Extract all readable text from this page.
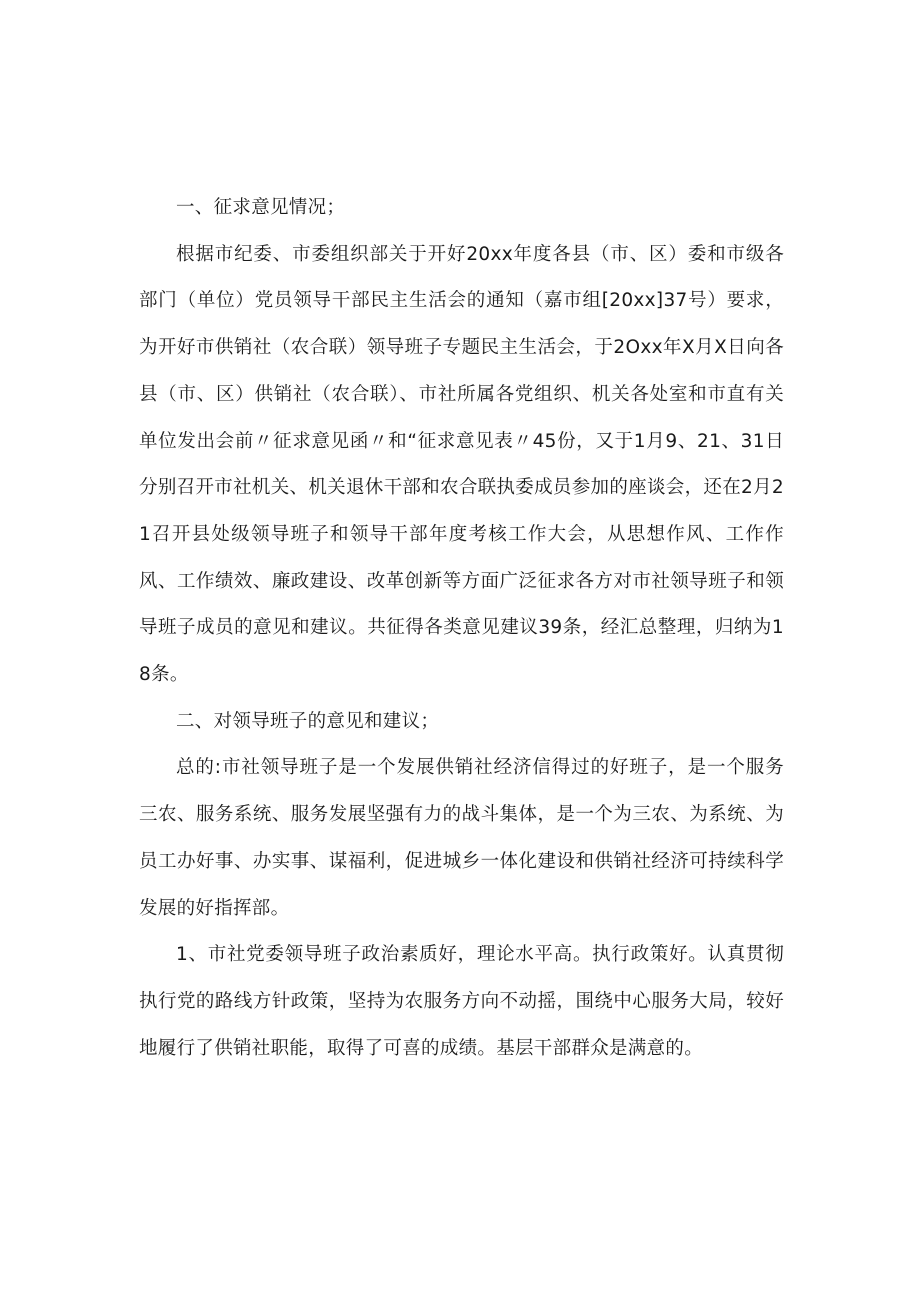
一、征求意见情况；

根据市纪委、市委组织部关于开好20xx年度各县（市、区）委和市级各部门（单位）党员领导干部民主生活会的通知（嘉市组[20xx]37号）要求，为开好市供销社（农合联）领导班子专题民主生活会，于2Oxx年X月X日向各县（市、区）供销社（农合联）、市社所属各党组织、机关各处室和市直有关单位发出会前〃征求意见函〃和“征求意见表〃45份，又于1月9、21、31日分别召开市社机关、机关退休干部和农合联执委成员参加的座谈会，还在2月21召开县处级领导班子和领导干部年度考核工作大会，从思想作风、工作作风、工作绩效、廉政建设、改革创新等方面广泛征求各方对市社领导班子和领导班子成员的意见和建议。共征得各类意见建议39条，经汇总整理，归纳为18条。

二、对领导班子的意见和建议；

总的:市社领导班子是一个发展供销社经济信得过的好班子，是一个服务三农、服务系统、服务发展坚强有力的战斗集体，是一个为三农、为系统、为员工办好事、办实事、谋福利，促进城乡一体化建设和供销社经济可持续科学发展的好指挥部。

1、市社党委领导班子政治素质好，理论水平高。执行政策好。认真贯彻执行党的路线方针政策，坚持为农服务方向不动摇，围绕中心服务大局，较好地履行了供销社职能，取得了可喜的成绩。基层干部群众是满意的。
